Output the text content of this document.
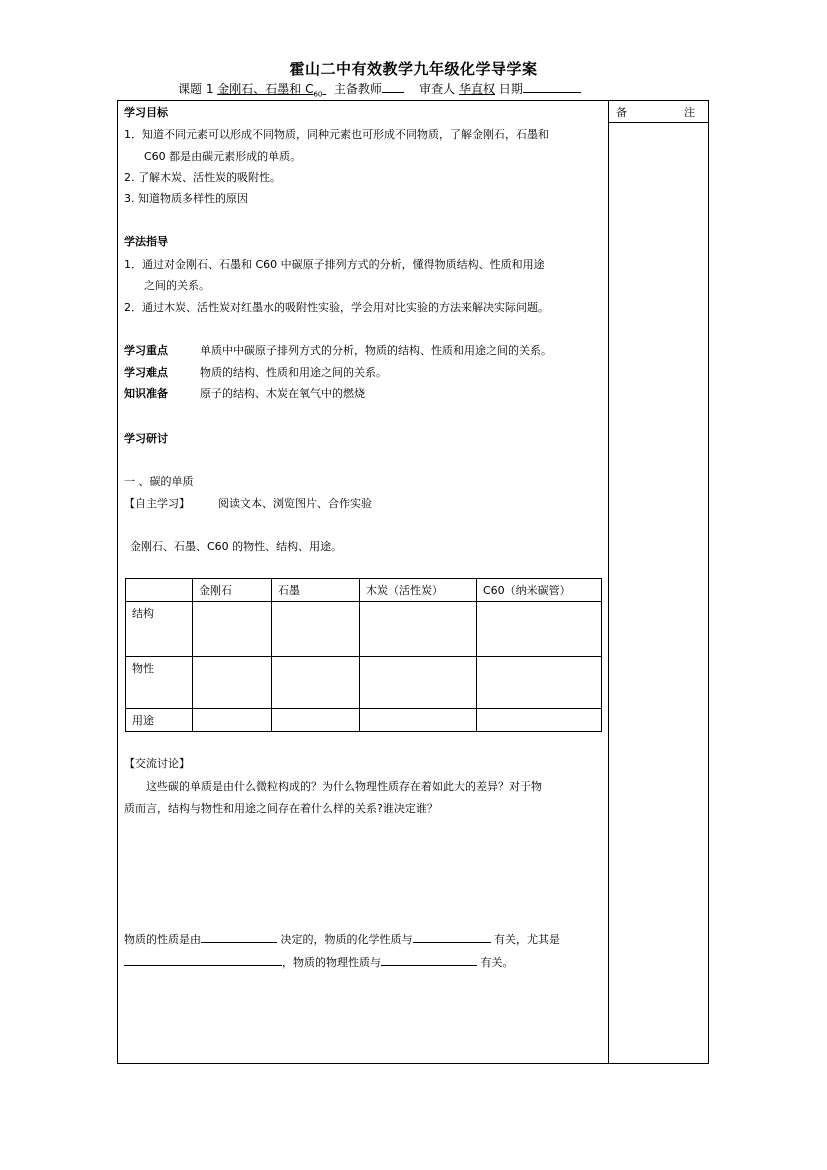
霍山二中有效教学九年级化学导学案
课题 1 金刚石、石墨和 $C_{60}$ 主备教师	审查人 华直权 日期
备	注
学习目标
1．知道不同元素可以形成不同物质，同种元素也可形成不同物质，了解金刚石，石墨和
C60 都是由碳元素形成的单质。
2. 了解木炭、活性炭的吸附性。
3. 知道物质多样性的原因
学法指导
1．通过对金刚石、石墨和 C60 中碳原子排列方式的分析，懂得物质结构、性质和用途
之间的关系。
2．通过木炭、活性炭对红墨水的吸附性实验，学会用对比实验的方法来解决实际问题。
学习重点	单质中中碳原子排列方式的分析，物质的结构、性质和用途之间的关系。
学习难点	物质的结构、性质和用途之间的关系。
知识准备	原子的结构、木炭在氧气中的燃烧
学习研讨
一 、碳的单质
【自主学习】	阅读文本、浏览图片、合作实验
金刚石、石墨、C60 的物性、结构、用途。
	金刚石	石墨	木炭（活性炭）	C60（纳米碳管）
结构				
物性				
用途				
【交流讨论】
这些碳的单质是由什么微粒构成的？为什么物理性质存在着如此大的差异？对于物
质而言，结构与物性和用途之间存在着什么样的关系?谁决定谁？
物质的性质是由	决定的，物质的化学性质与	有关，尤其是
，物质的物理性质与	有关。
